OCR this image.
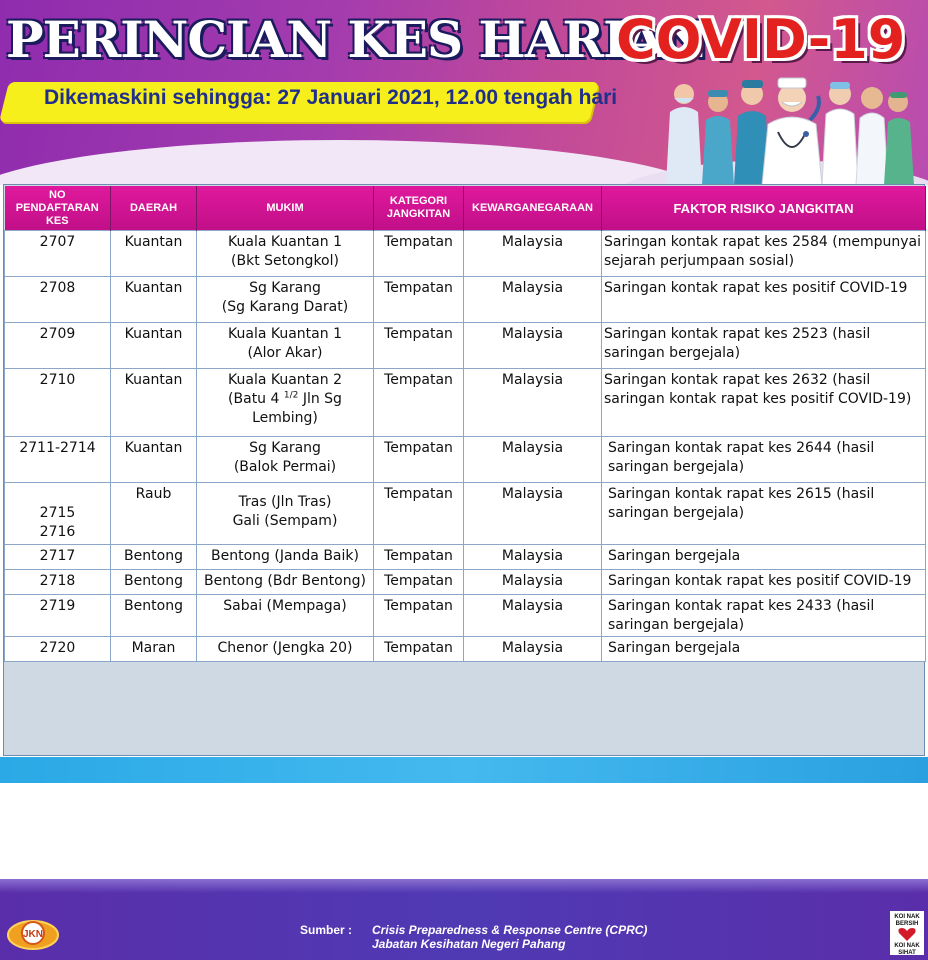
PERINCIAN KES HARIAN
COVID-19

Dikemaskini sehingga: 27 Januari 2021, 12.00 tengah hari

NO PENDAFTARAN KES	DAERAH	MUKIM	KATEGORI JANGKITAN	KEWARGANEGARAAN	FAKTOR RISIKO JANGKITAN
2707	Kuantan	Kuala Kuantan 1
(Bkt Setongkol)	Tempatan	Malaysia	Saringan kontak rapat kes 2584 (mempunyai sejarah perjumpaan sosial)
2708	Kuantan	Sg Karang
(Sg Karang Darat)	Tempatan	Malaysia	Saringan kontak rapat kes positif COVID-19
2709	Kuantan	Kuala Kuantan 1
(Alor Akar)	Tempatan	Malaysia	Saringan kontak rapat kes 2523 (hasil saringan bergejala)
2710	Kuantan	Kuala Kuantan 2
(Batu 4 $^{1/2}$ Jln Sg
Lembing)	Tempatan	Malaysia	Saringan kontak rapat kes 2632 (hasil saringan kontak rapat kes positif COVID-19)
2711-2714	Kuantan	Sg Karang
(Balok Permai)	Tempatan	Malaysia	Saringan kontak rapat kes 2644 (hasil saringan bergejala)

2715
2716	Raub	Tras (Jln Tras)
Gali (Sempam)	Tempatan	Malaysia	Saringan kontak rapat kes 2615 (hasil saringan bergejala)
2717	Bentong	Bentong (Janda Baik)	Tempatan	Malaysia	Saringan bergejala
2718	Bentong	Bentong (Bdr Bentong)	Tempatan	Malaysia	Saringan kontak rapat kes positif COVID-19
2719	Bentong	Sabai (Mempaga)	Tempatan	Malaysia	Saringan kontak rapat kes 2433 (hasil saringan bergejala)
2720	Maran	Chenor (Jengka 20)	Tempatan	Malaysia	Saringan bergejala
JKN	Sumber : Crisis Preparedness & Response Centre (CPRC)

Jabatan Kesihatan Negeri Pahang

KOI NAK
BERSIH
KOI NAK
SIHAT
